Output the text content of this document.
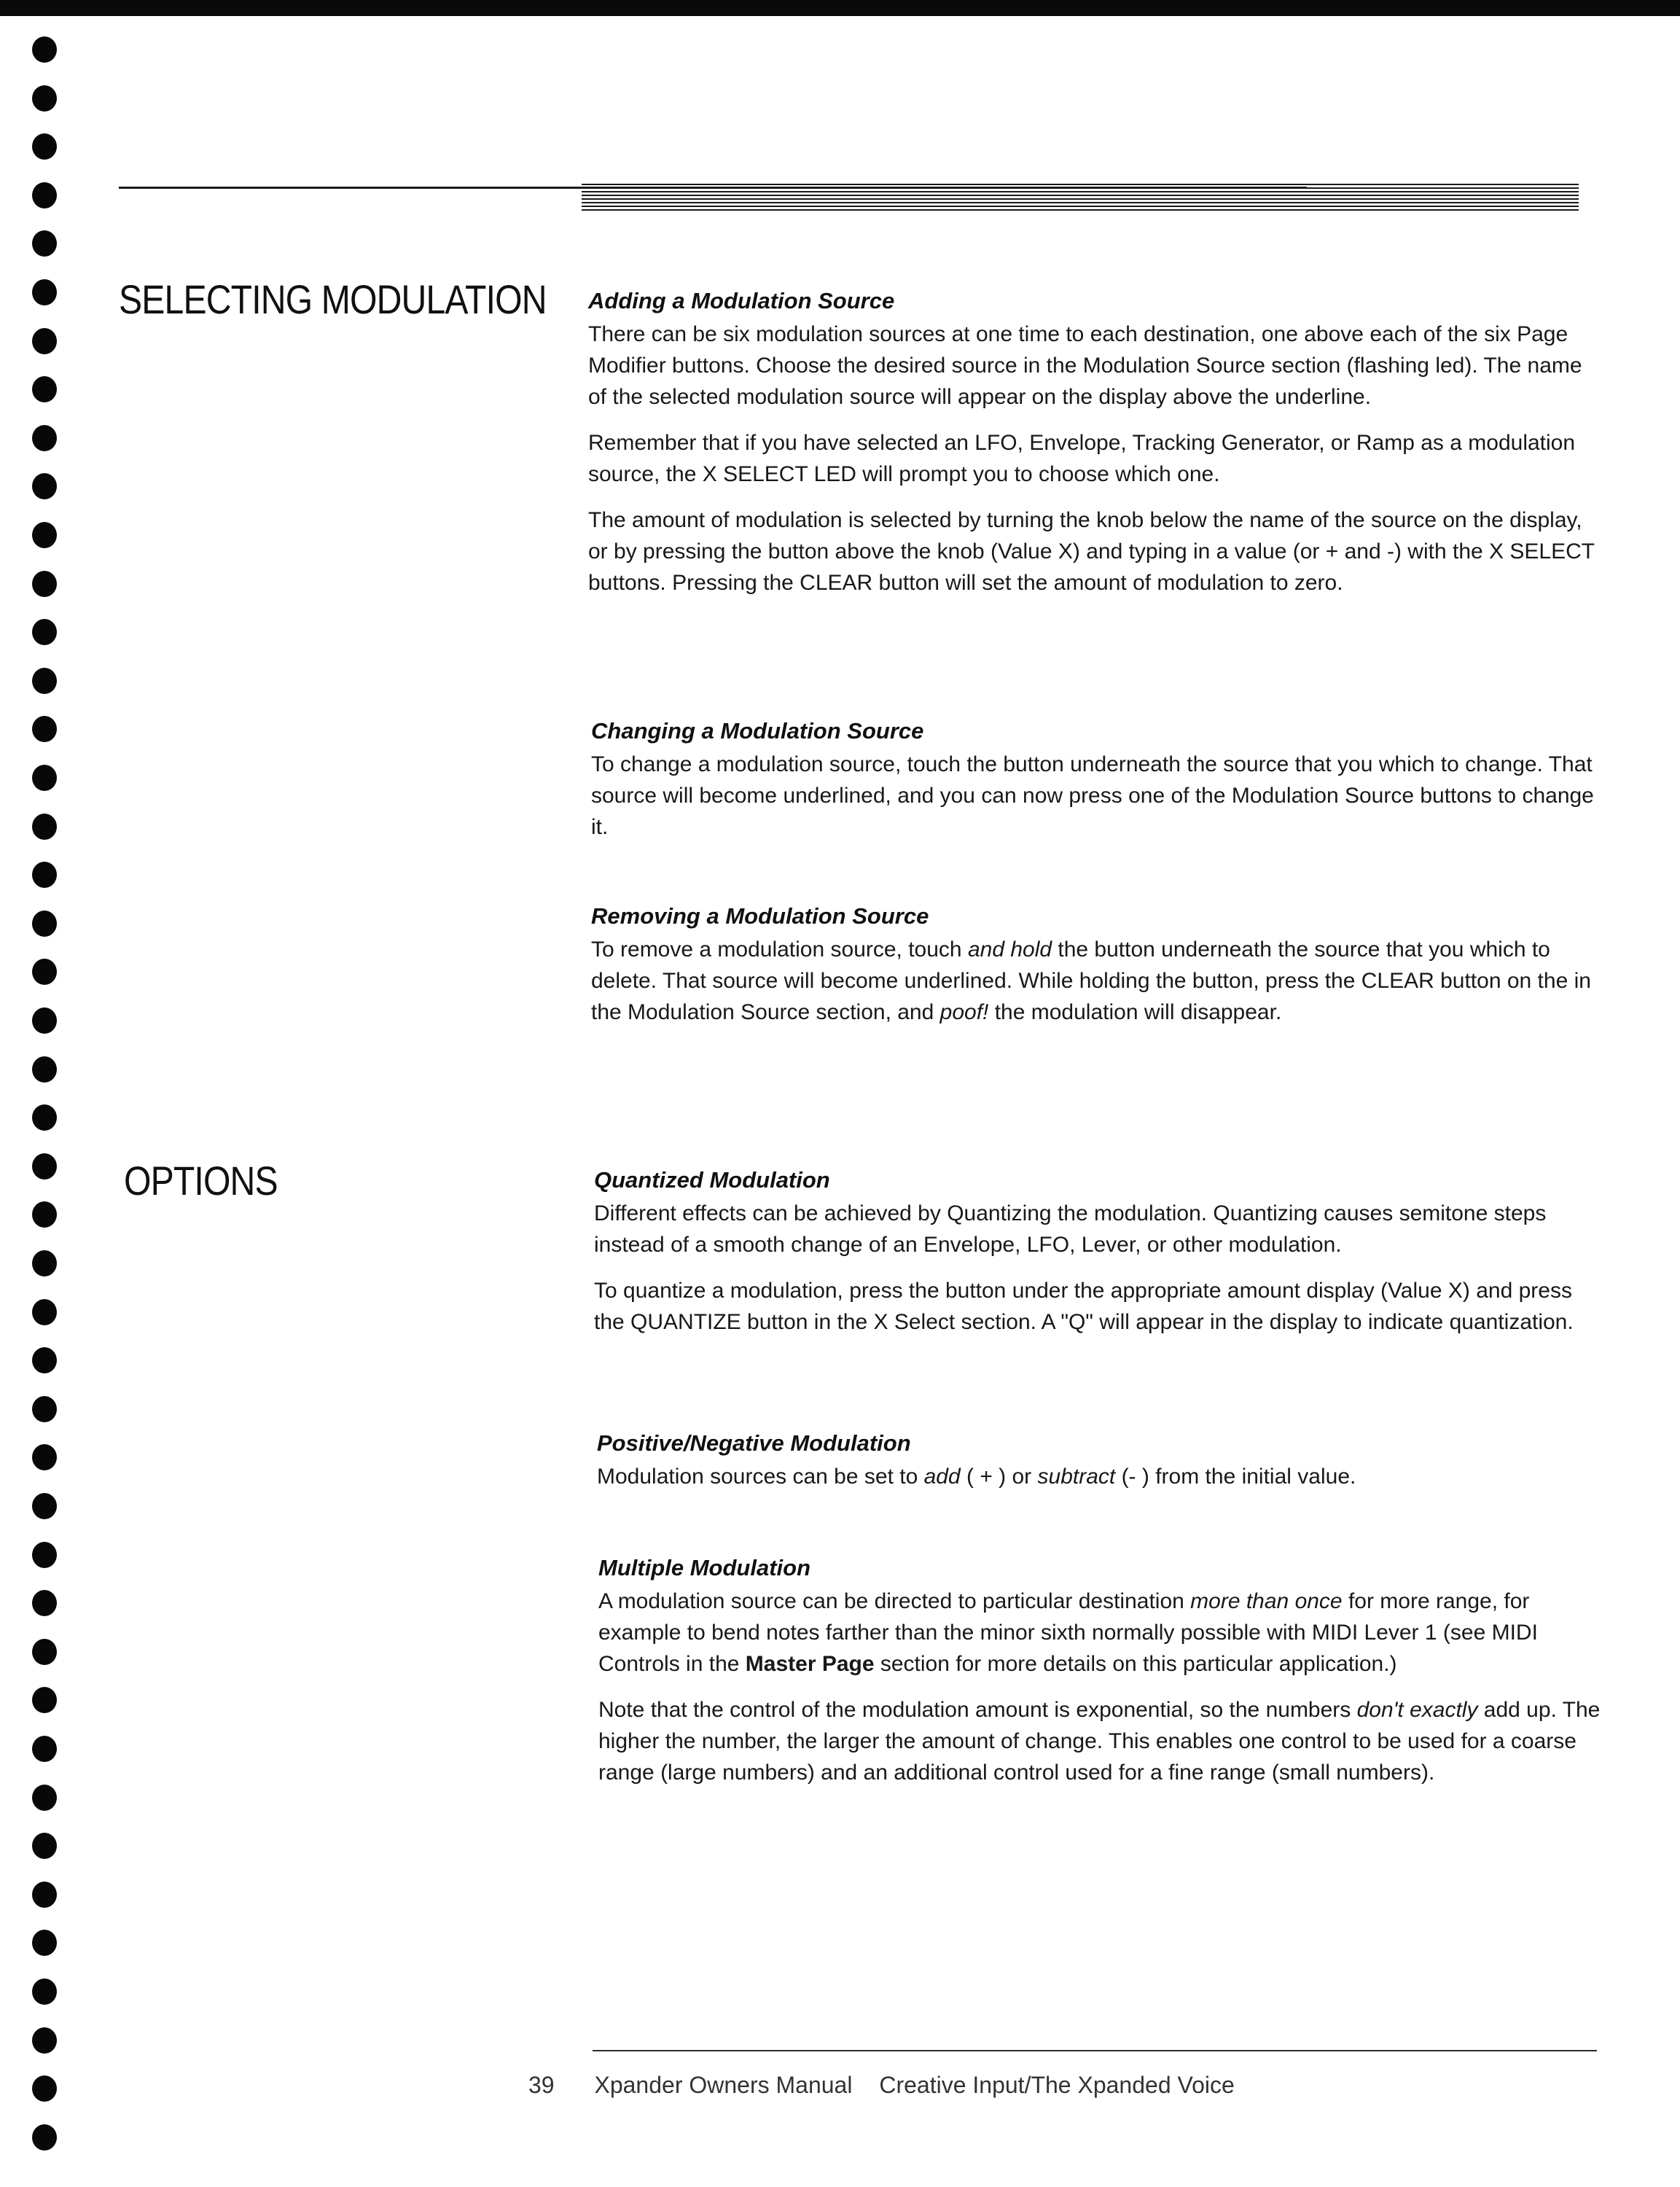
SELECTING MODULATION
OPTIONS
Adding a Modulation Source

There can be six modulation sources at one time to each destination, one above each of the six Page Modifier buttons. Choose the desired source in the Modulation Source section (flashing led). The name of the selected modulation source will appear on the display above the underline.

Remember that if you have selected an LFO, Envelope, Tracking Generator, or Ramp as a modulation source, the X SELECT LED will prompt you to choose which one.

The amount of modulation is selected by turning the knob below the name of the source on the display, or by pressing the button above the knob (Value X) and typing in a value (or + and -) with the X SELECT buttons. Pressing the CLEAR button will set the amount of modulation to zero.

Changing a Modulation Source

To change a modulation source, touch the button underneath the source that you which to change. That source will become underlined, and you can now press one of the Modulation Source buttons to change it.

Removing a Modulation Source

To remove a modulation source, touch and hold the button underneath the source that you which to delete. That source will become underlined. While holding the button, press the CLEAR button on the in the Modulation Source section, and poof! the modulation will disappear.

Quantized Modulation

Different effects can be achieved by Quantizing the modulation. Quantizing causes semitone steps instead of a smooth change of an Envelope, LFO, Lever, or other modulation.

To quantize a modulation, press the button under the appropriate amount display (Value X) and press the QUANTIZE button in the X Select section. A "Q" will appear in the display to indicate quantization.

Positive/Negative Modulation

Modulation sources can be set to add ( + ) or subtract (- ) from the initial value.

Multiple Modulation

A modulation source can be directed to particular destination more than once for more range, for example to bend notes farther than the minor sixth normally possible with MIDI Lever 1 (see MIDI Controls in the Master Page section for more details on this particular application.)

Note that the control of the modulation amount is exponential, so the numbers don't exactly add up. The higher the number, the larger the amount of change. This enables one control to be used for a coarse range (large numbers) and an additional control used for a fine range (small numbers).

39 Xpander Owners Manual Creative Input/The Xpanded Voice
